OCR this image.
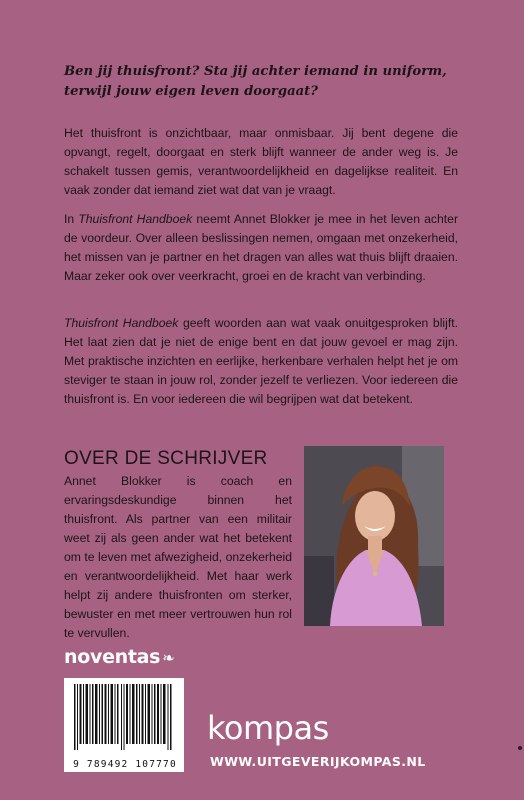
Ben jij thuisfront? Sta jij achter iemand in uniform, terwijl jouw eigen leven doorgaat?

Het thuisfront is onzichtbaar, maar onmisbaar. Jij bent degene die opvangt, regelt, doorgaat en sterk blijft wanneer de ander weg is. Je schakelt tussen gemis, verantwoordelijkheid en dagelijkse realiteit. En vaak zonder dat iemand ziet wat dat van je vraagt.

In Thuisfront Handboek neemt Annet Blokker je mee in het leven achter de voordeur. Over alleen beslissingen nemen, omgaan met onzekerheid, het missen van je partner en het dragen van alles wat thuis blijft draaien. Maar zeker ook over veerkracht, groei en de kracht van verbinding.

Thuisfront Handboek geeft woorden aan wat vaak onuitgesproken blijft. Het laat zien dat je niet de enige bent en dat jouw gevoel er mag zijn. Met praktische inzichten en eerlijke, herkenbare verhalen helpt het je om steviger te staan in jouw rol, zonder jezelf te verliezen. Voor iedereen die thuisfront is. En voor iedereen die wil begrijpen wat dat betekent.

OVER DE SCHRIJVER

Annet Blokker is coach en ervaringsdeskundige binnen het thuisfront. Als partner van een militair weet zij als geen ander wat het betekent om te leven met afwezigheid, onzekerheid en verantwoordelijkheid. Met haar werk helpt zij andere thuisfronten om sterker, bewuster en met meer vertrouwen hun rol te vervullen.

noventas ❧
9 789492 107770
kompas
WWW.UITGEVERIJKOMPAS.NL
